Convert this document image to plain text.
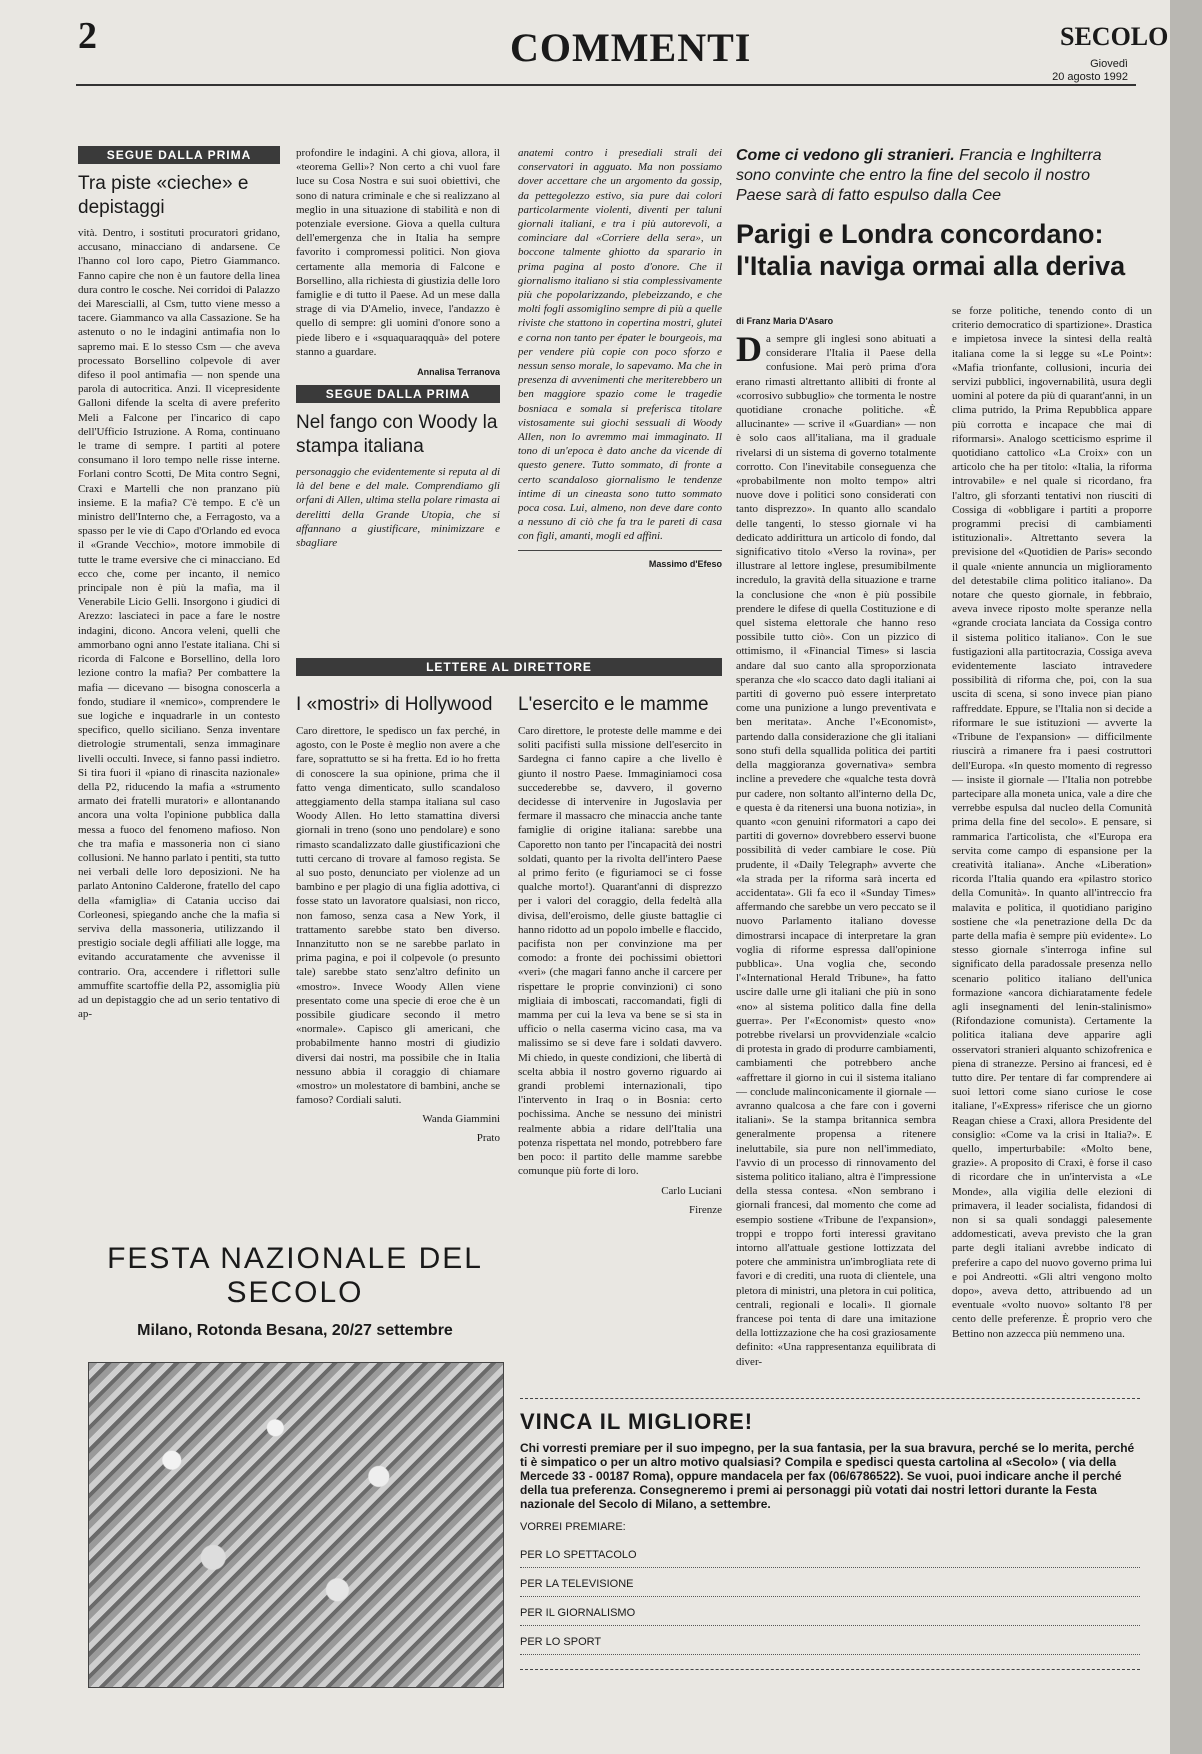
2	COMMENTI	SECOLO
Giovedì
20 agosto 1992
SEGUE DALLA PRIMA
Tra piste «cieche» e depistaggi

vità. Dentro, i sostituti procuratori gridano, accusano, minacciano di andarsene. Ce l'hanno col loro capo, Pietro Giammanco. Fanno capire che non è un fautore della linea dura contro le cosche. Nei corridoi di Palazzo dei Marescialli, al Csm, tutto viene messo a tacere. Giammanco va alla Cassazione. Se ha astenuto o no le indagini antimafia non lo sapremo mai. E lo stesso Csm — che aveva processato Borsellino colpevole di aver difeso il pool antimafia — non spende una parola di autocritica. Anzi. Il vicepresidente Galloni difende la scelta di avere preferito Meli a Falcone per l'incarico di capo dell'Ufficio Istruzione. A Roma, continuano le trame di sempre. I partiti al potere consumano il loro tempo nelle risse interne. Forlani contro Scotti, De Mita contro Segni, Craxi e Martelli che non pranzano più insieme. E la mafia? C'è tempo. E c'è un ministro dell'Interno che, a Ferragosto, va a spasso per le vie di Capo d'Orlando ed evoca il «Grande Vecchio», motore immobile di tutte le trame eversive che ci minacciano. Ed ecco che, come per incanto, il nemico principale non è più la mafia, ma il Venerabile Licio Gelli. Insorgono i giudici di Arezzo: lasciateci in pace a fare le nostre indagini, dicono. Ancora veleni, quelli che ammorbano ogni anno l'estate italiana. Chi si ricorda di Falcone e Borsellino, della loro lezione contro la mafia? Per combattere la mafia — dicevano — bisogna conoscerla a fondo, studiare il «nemico», comprendere le sue logiche e inquadrarle in un contesto specifico, quello siciliano. Senza inventare dietrologie strumentali, senza immaginare livelli occulti. Invece, si fanno passi indietro. Si tira fuori il «piano di rinascita nazionale» della P2, riducendo la mafia a «strumento armato dei fratelli muratori» e allontanando ancora una volta l'opinione pubblica dalla messa a fuoco del fenomeno mafioso. Non che tra mafia e massoneria non ci siano collusioni. Ne hanno parlato i pentiti, sta tutto nei verbali delle loro deposizioni. Ne ha parlato Antonino Calderone, fratello del capo della «famiglia» di Catania ucciso dai Corleonesi, spiegando anche che la mafia si serviva della massoneria, utilizzando il prestigio sociale degli affiliati alle logge, ma evitando accuratamente che avvenisse il contrario. Ora, accendere i riflettori sulle ammuffite scartoffie della P2, assomiglia più ad un depistaggio che ad un serio tentativo di ap-

profondire le indagini. A chi giova, allora, il «teorema Gelli»? Non certo a chi vuol fare luce su Cosa Nostra e sui suoi obiettivi, che sono di natura criminale e che si realizzano al meglio in una situazione di stabilità e non di potenziale eversione. Giova a quella cultura dell'emergenza che in Italia ha sempre favorito i compromessi politici. Non giova certamente alla memoria di Falcone e Borsellino, alla richiesta di giustizia delle loro famiglie e di tutto il Paese. Ad un mese dalla strage di via D'Amelio, invece, l'andazzo è quello di sempre: gli uomini d'onore sono a piede libero e i «squaquaraqquà» del potere stanno a guardare.

Annalisa Terranova
SEGUE DALLA PRIMA
Nel fango con Woody la stampa italiana

personaggio che evidentemente si reputa al di là del bene e del male. Comprendiamo gli orfani di Allen, ultima stella polare rimasta ai derelitti della Grande Utopia, che si affannano a giustificare, minimizzare e sbagliare

anatemi contro i presediali strali dei conservatori in agguato. Ma non possiamo dover accettare che un argomento da gossip, da pettegolezzo estivo, sia pure dai colori particolarmente violenti, diventi per taluni giornali italiani, e tra i più autorevoli, a cominciare dal «Corriere della sera», un boccone talmente ghiotto da sparario in prima pagina al posto d'onore. Che il giornalismo italiano si stia complessivamente più che popolarizzando, plebeizzando, e che molti fogli assomiglino sempre di più a quelle riviste che stattono in copertina mostri, glutei e corna non tanto per épater le bourgeois, ma per vendere più copie con poco sforzo e nessun senso morale, lo sapevamo. Ma che in presenza di avvenimenti che meriterebbero un ben maggiore spazio come le tragedie bosniaca e somala si preferisca titolare vistosamente sui giochi sessuali di Woody Allen, non lo avremmo mai immaginato. Il tono di un'epoca è dato anche da vicende di questo genere. Tutto sommato, di fronte a certo scandaloso giornalismo le tendenze intime di un cineasta sono tutto sommato poca cosa. Lui, almeno, non deve dare conto a nessuno di ciò che fa tra le pareti di casa con figli, amanti, mogli ed affini.

Massimo d'Efeso
LETTERE AL DIRETTORE
I «mostri» di Hollywood

Caro direttore, le spedisco un fax perché, in agosto, con le Poste è meglio non avere a che fare, soprattutto se si ha fretta. Ed io ho fretta di conoscere la sua opinione, prima che il fatto venga dimenticato, sullo scandaloso atteggiamento della stampa italiana sul caso Woody Allen. Ho letto stamattina diversi giornali in treno (sono uno pendolare) e sono rimasto scandalizzato dalle giustificazioni che tutti cercano di trovare al famoso regista. Se al suo posto, denunciato per violenze ad un bambino e per plagio di una figlia adottiva, ci fosse stato un lavoratore qualsiasi, non ricco, non famoso, senza casa a New York, il trattamento sarebbe stato ben diverso. Innanzitutto non se ne sarebbe parlato in prima pagina, e poi il colpevole (o presunto tale) sarebbe stato senz'altro definito un «mostro». Invece Woody Allen viene presentato come una specie di eroe che è un possibile giudicare secondo il metro «normale». Capisco gli americani, che probabilmente hanno mostri di giudizio diversi dai nostri, ma possibile che in Italia nessuno abbia il coraggio di chiamare «mostro» un molestatore di bambini, anche se famoso? Cordiali saluti.

Wanda Giammini
Prato
L'esercito e le mamme

Caro direttore, le proteste delle mamme e dei soliti pacifisti sulla missione dell'esercito in Sardegna ci fanno capire a che livello è giunto il nostro Paese. Immaginiamoci cosa succederebbe se, davvero, il governo decidesse di intervenire in Jugoslavia per fermare il massacro che minaccia anche tante famiglie di origine italiana: sarebbe una Caporetto non tanto per l'incapacità dei nostri soldati, quanto per la rivolta dell'intero Paese al primo ferito (e figuriamoci se ci fosse qualche morto!). Quarant'anni di disprezzo per i valori del coraggio, della fedeltà alla divisa, dell'eroismo, delle giuste battaglie ci hanno ridotto ad un popolo imbelle e flaccido, pacifista non per convinzione ma per comodo: a fronte dei pochissimi obiettori «veri» (che magari fanno anche il carcere per rispettare le proprie convinzioni) ci sono migliaia di imboscati, raccomandati, figli di mamma per cui la leva va bene se si sta in ufficio o nella caserma vicino casa, ma va malissimo se si deve fare i soldati davvero. Mi chiedo, in queste condizioni, che libertà di scelta abbia il nostro governo riguardo ai grandi problemi internazionali, tipo l'intervento in Iraq o in Bosnia: certo pochissima. Anche se nessuno dei ministri realmente abbia a ridare dell'Italia una potenza rispettata nel mondo, potrebbero fare ben poco: il partito delle mamme sarebbe comunque più forte di loro.

Carlo Luciani
Firenze
Come ci vedono gli stranieri. Francia e Inghilterra sono convinte che entro la fine del secolo il nostro Paese sarà di fatto espulso dalla Cee
Parigi e Londra concordano: l'Italia naviga ormai alla deriva
di Franz Maria D'Asaro

Da sempre gli inglesi sono abituati a considerare l'Italia il Paese della confusione. Mai però prima d'ora erano rimasti altrettanto allibiti di fronte al «corrosivo subbuglio» che tormenta le nostre quotidiane cronache politiche. «È allucinante» — scrive il «Guardian» — non è solo caos all'italiana, ma il graduale rivelarsi di un sistema di governo totalmente corrotto. Con l'inevitabile conseguenza che «probabilmente non molto tempo» altri nuove dove i politici sono considerati con tanto disprezzo». In quanto allo scandalo delle tangenti, lo stesso giornale vi ha dedicato addirittura un articolo di fondo, dal significativo titolo «Verso la rovina», per illustrare al lettore inglese, presumibilmente incredulo, la gravità della situazione e trarne la conclusione che «non è più possibile prendere le difese di quella Costituzione e di quel sistema elettorale che hanno reso possibile tutto ciò». Con un pizzico di ottimismo, il «Financial Times» si lascia andare dal suo canto alla sproporzionata speranza che «lo scacco dato dagli italiani ai partiti di governo può essere interpretato come una punizione a lungo preventivata e ben meritata». Anche l'«Economist», partendo dalla considerazione che gli italiani sono stufi della squallida politica dei partiti della maggioranza governativa» sembra incline a prevedere che «qualche testa dovrà pur cadere, non soltanto all'interno della Dc, e questa è da ritenersi una buona notizia», in quanto «con genuini riformatori a capo dei partiti di governo» dovrebbero esservi buone possibilità di veder cambiare le cose. Più prudente, il «Daily Telegraph» avverte che «la strada per la riforma sarà incerta ed accidentata». Gli fa eco il «Sunday Times» affermando che sarebbe un vero peccato se il nuovo Parlamento italiano dovesse dimostrarsi incapace di interpretare la gran voglia di riforme espressa dall'opinione pubblica». Una voglia che, secondo l'«International Herald Tribune», ha fatto uscire dalle urne gli italiani che più in sono «no» al sistema politico dalla fine della guerra». Per l'«Economist» questo «no» potrebbe rivelarsi un provvidenziale «calcio di protesta in grado di produrre cambiamenti, cambiamenti che potrebbero anche «affrettare il giorno in cui il sistema italiano — conclude malinconicamente il giornale — avranno qualcosa a che fare con i governi italiani». Se la stampa britannica sembra generalmente propensa a ritenere ineluttabile, sia pure non nell'immediato, l'avvio di un processo di rinnovamento del sistema politico italiano, altra è l'impressione della stessa contesa. «Non sembrano i giornali francesi, dal momento che come ad esempio sostiene «Tribune de l'expansion», troppi e troppo forti interessi gravitano intorno all'attuale gestione lottizzata del potere che amministra un'imbrogliata rete di favori e di crediti, una ruota di clientele, una pletora di ministri, una pletora in cui politica, centrali, regionali e locali». Il giornale francese poi tenta di dare una imitazione della lottizzazione che ha così graziosamente definito: «Una rappresentanza equilibrata di diver-

se forze politiche, tenendo conto di un criterio democratico di spartizione». Drastica e impietosa invece la sintesi della realtà italiana come la si legge su «Le Point»: «Mafia trionfante, collusioni, incuria dei servizi pubblici, ingovernabilità, usura degli uomini al potere da più di quarant'anni, in un clima putrido, la Prima Repubblica appare più corrotta e incapace che mai di riformarsi». Analogo scetticismo esprime il quotidiano cattolico «La Croix» con un articolo che ha per titolo: «Italia, la riforma introvabile» e nel quale si ricordano, fra l'altro, gli sforzanti tentativi non riusciti di Cossiga di «obbligare i partiti a proporre programmi precisi di cambiamenti istituzionali». Altrettanto severa la previsione del «Quotidien de Paris» secondo il quale «niente annuncia un miglioramento del detestabile clima politico italiano». Da notare che questo giornale, in febbraio, aveva invece riposto molte speranze nella «grande crociata lanciata da Cossiga contro il sistema politico italiano». Con le sue fustigazioni alla partitocrazia, Cossiga aveva evidentemente lasciato intravedere possibilità di riforma che, poi, con la sua uscita di scena, si sono invece pian piano raffreddate. Eppure, se l'Italia non si decide a riformare le sue istituzioni — avverte la «Tribune de l'expansion» — difficilmente riuscirà a rimanere fra i paesi costruttori dell'Europa. «In questo momento di regresso — insiste il giornale — l'Italia non potrebbe partecipare alla moneta unica, vale a dire che verrebbe espulsa dal nucleo della Comunità prima della fine del secolo». E pensare, si rammarica l'articolista, che «l'Europa era servita come campo di espansione per la creatività italiana». Anche «Liberation» ricorda l'Italia quando era «pilastro storico della Comunità». In quanto all'intreccio fra malavita e politica, il quotidiano parigino sostiene che «la penetrazione della Dc da parte della mafia è sempre più evidente». Lo stesso giornale s'interroga infine sul significato della paradossale presenza nello scenario politico italiano dell'unica formazione «ancora dichiaratamente fedele agli insegnamenti del lenin-stalinismo» (Rifondazione comunista). Certamente la politica italiana deve apparire agli osservatori stranieri alquanto schizofrenica e piena di stranezze. Persino ai francesi, ed è tutto dire. Per tentare di far comprendere ai suoi lettori come siano curiose le cose italiane, l'«Express» riferisce che un giorno Reagan chiese a Craxi, allora Presidente del consiglio: «Come va la crisi in Italia?». E quello, imperturbabile: «Molto bene, grazie». A proposito di Craxi, è forse il caso di ricordare che in un'intervista a «Le Monde», alla vigilia delle elezioni di primavera, il leader socialista, fidandosi di non si sa quali sondaggi palesemente addomesticati, aveva previsto che la gran parte degli italiani avrebbe indicato di preferire a capo del nuovo governo prima lui e poi Andreotti. «Gli altri vengono molto dopo», aveva detto, attribuendo ad un eventuale «volto nuovo» soltanto l'8 per cento delle preferenze. È proprio vero che Bettino non azzecca più nemmeno una.

FESTA NAZIONALE DEL SECOLO
Milano, Rotonda Besana, 20/27 settembre
VINCA IL MIGLIORE!
Chi vorresti premiare per il suo impegno, per la sua fantasia, per la sua bravura, perché se lo merita, perché ti è simpatico o per un altro motivo qualsiasi? Compila e spedisci questa cartolina al «Secolo» ( via della Mercede 33 - 00187 Roma), oppure mandacela per fax (06/6786522). Se vuoi, puoi indicare anche il perché della tua preferenza. Consegneremo i premi ai personaggi più votati dai nostri lettori durante la Festa nazionale del Secolo di Milano, a settembre.
VORREI PREMIARE:
PER LO SPETTACOLO
PER LA TELEVISIONE
PER IL GIORNALISMO
PER LO SPORT
